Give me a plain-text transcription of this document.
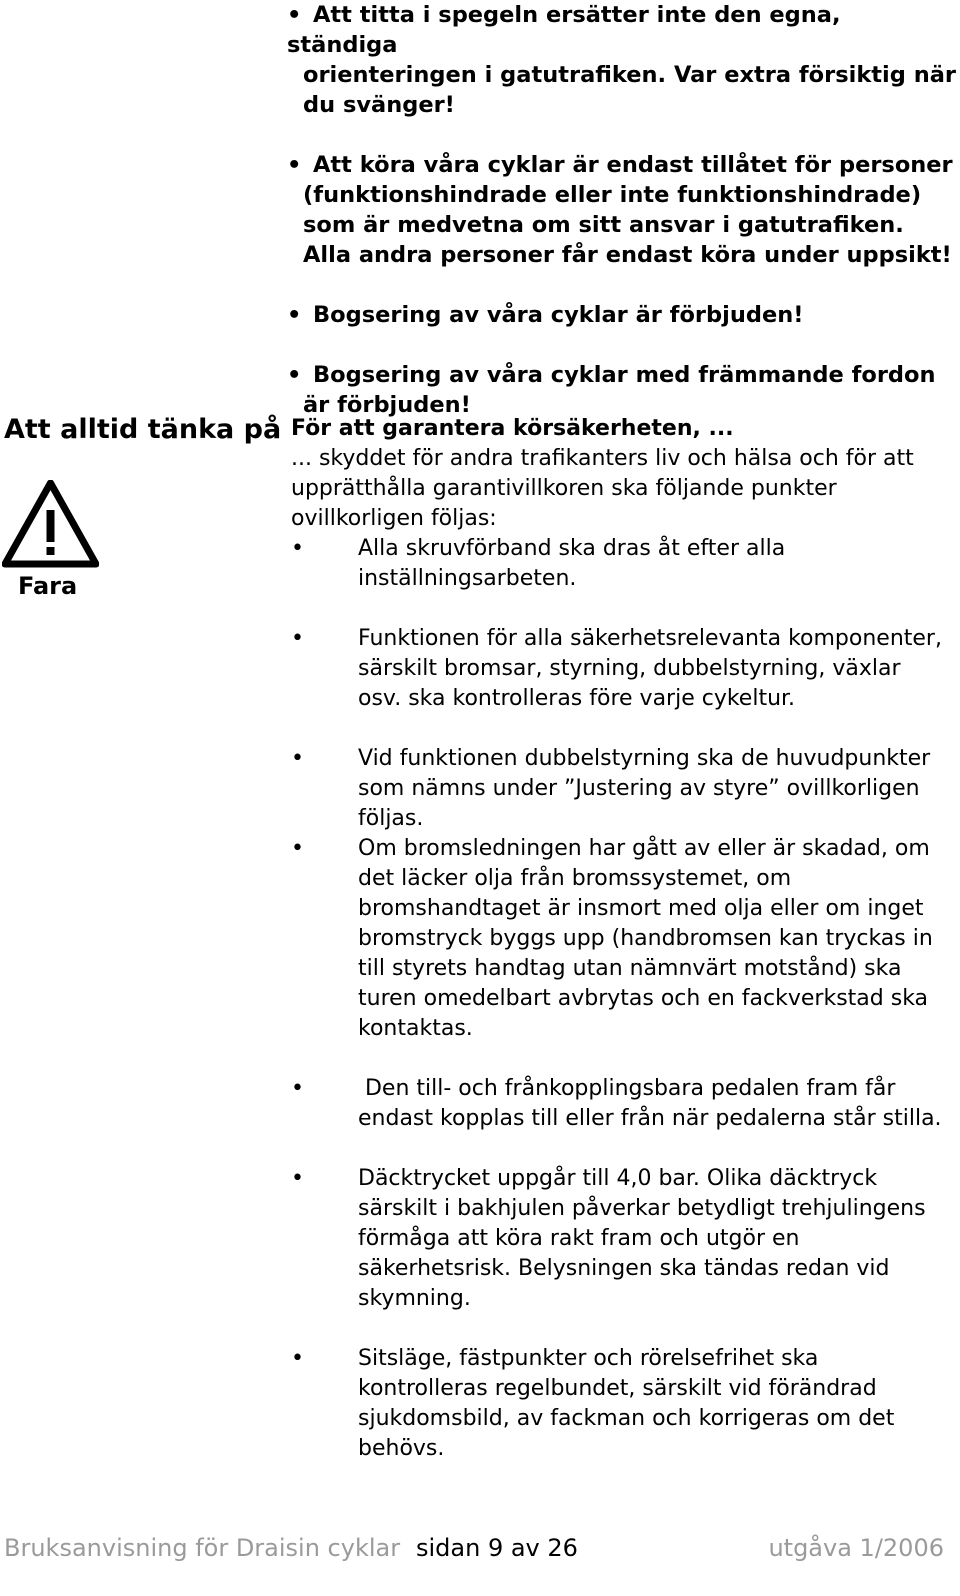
• Att titta i spegeln ersätter inte den egna, ständiga
orienteringen i gatutrafiken. Var extra försiktig när
du svänger!
• Att köra våra cyklar är endast tillåtet för personer
(funktionshindrade eller inte funktionshindrade)
som är medvetna om sitt ansvar i gatutrafiken.
Alla andra personer får endast köra under uppsikt!
• Bogsering av våra cyklar är förbjuden!
• Bogsering av våra cyklar med främmande fordon
är förbjuden!
Att alltid tänka på
Fara
För att garantera körsäkerheten, ...
... skyddet för andra trafikanters liv och hälsa och för att
upprätthålla garantivillkoren ska följande punkter
ovillkorligen följas:
• Alla skruvförband ska dras åt efter alla
inställningsarbeten.
• Funktionen för alla säkerhetsrelevanta komponenter,
särskilt bromsar, styrning, dubbelstyrning, växlar
osv. ska kontrolleras före varje cykeltur.
• Vid funktionen dubbelstyrning ska de huvudpunkter
som nämns under ”Justering av styre” ovillkorligen
följas.
• Om bromsledningen har gått av eller är skadad, om
det läcker olja från bromssystemet, om
bromshandtaget är insmort med olja eller om inget
bromstryck byggs upp (handbromsen kan tryckas in
till styrets handtag utan nämnvärt motstånd) ska
turen omedelbart avbrytas och en fackverkstad ska
kontaktas.
• Den till- och frånkopplingsbara pedalen fram får
endast kopplas till eller från när pedalerna står stilla.
• Däcktrycket uppgår till 4,0 bar. Olika däcktryck
särskilt i bakhjulen påverkar betydligt trehjulingens
förmåga att köra rakt fram och utgör en
säkerhetsrisk. Belysningen ska tändas redan vid
skymning.
• Sitsläge, fästpunkter och rörelsefrihet ska
kontrolleras regelbundet, särskilt vid förändrad
sjukdomsbild, av fackman och korrigeras om det
behövs.
Bruksanvisning för Draisin cyklar sidan 9 av 26	utgåva 1/2006
